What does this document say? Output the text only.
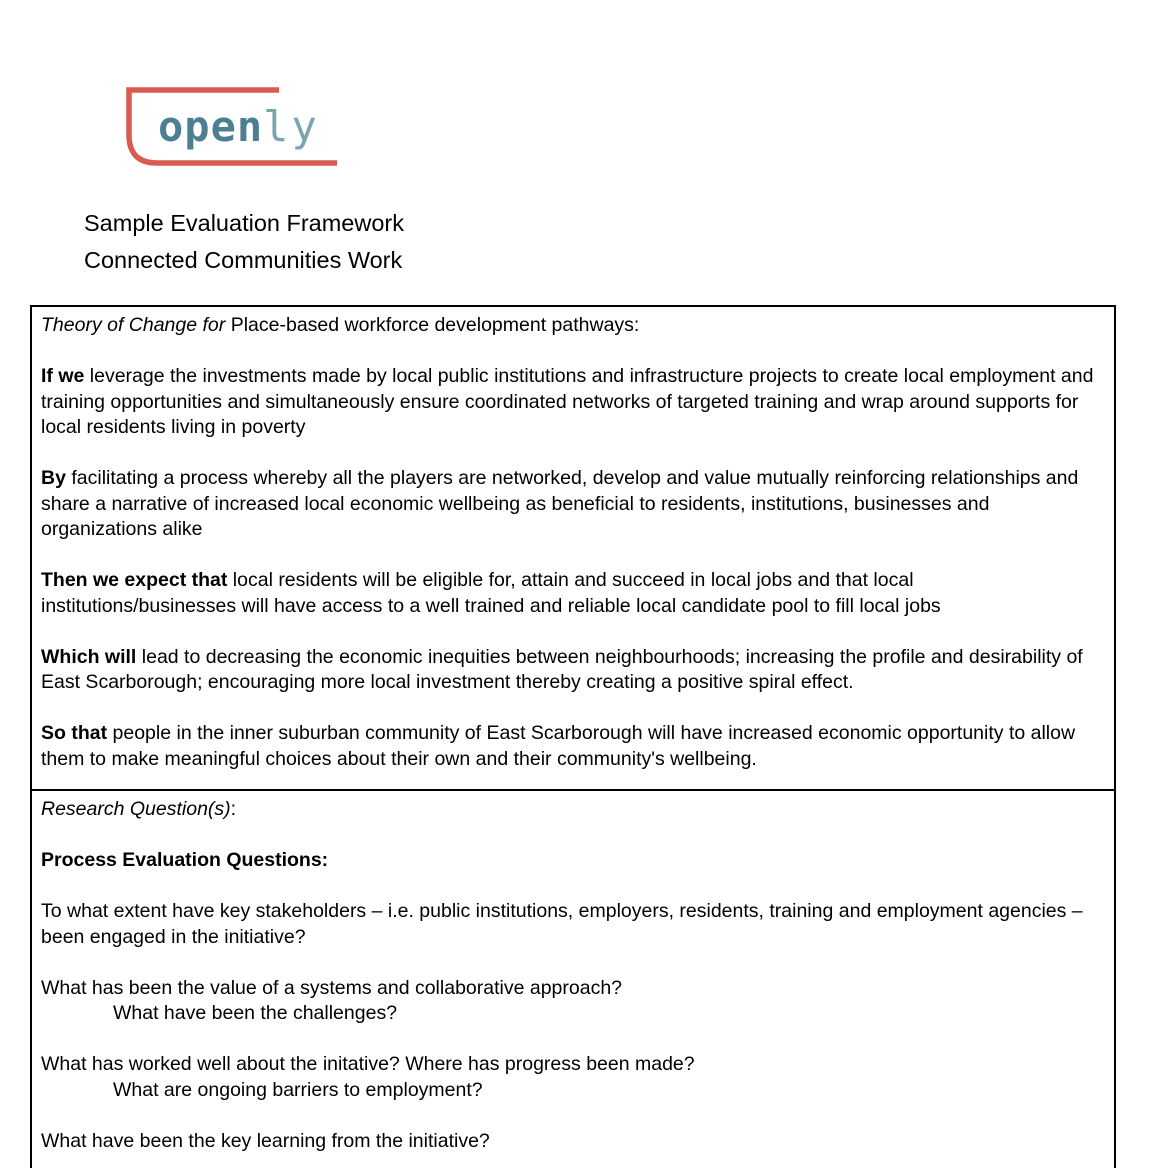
openly
Sample Evaluation Framework
Connected Communities Work

Theory of Change for Place-based workforce development pathways:

If we leverage the investments made by local public institutions and infrastructure projects to create local employment and training opportunities and simultaneously ensure coordinated networks of targeted training and wrap around supports for local residents living in poverty

By facilitating a process whereby all the players are networked, develop and value mutually reinforcing relationships and share a narrative of increased local economic wellbeing as beneficial to residents, institutions, businesses and organizations alike

Then we expect that local residents will be eligible for, attain and succeed in local jobs and that local institutions/businesses will have access to a well trained and reliable local candidate pool to fill local jobs

Which will lead to decreasing the economic inequities between neighbourhoods; increasing the profile and desirability of East Scarborough; encouraging more local investment thereby creating a positive spiral effect.

So that people in the inner suburban community of East Scarborough will have increased economic opportunity to allow them to make meaningful choices about their own and their community's wellbeing.

Research Question(s):

Process Evaluation Questions:

To what extent have key stakeholders – i.e. public institutions, employers, residents, training and employment agencies – been engaged in the initiative?

What has been the value of a systems and collaborative approach?
What have been the challenges?
What has worked well about the initative? Where has progress been made?
What are ongoing barriers to employment?

What have been the key learning from the initiative?
